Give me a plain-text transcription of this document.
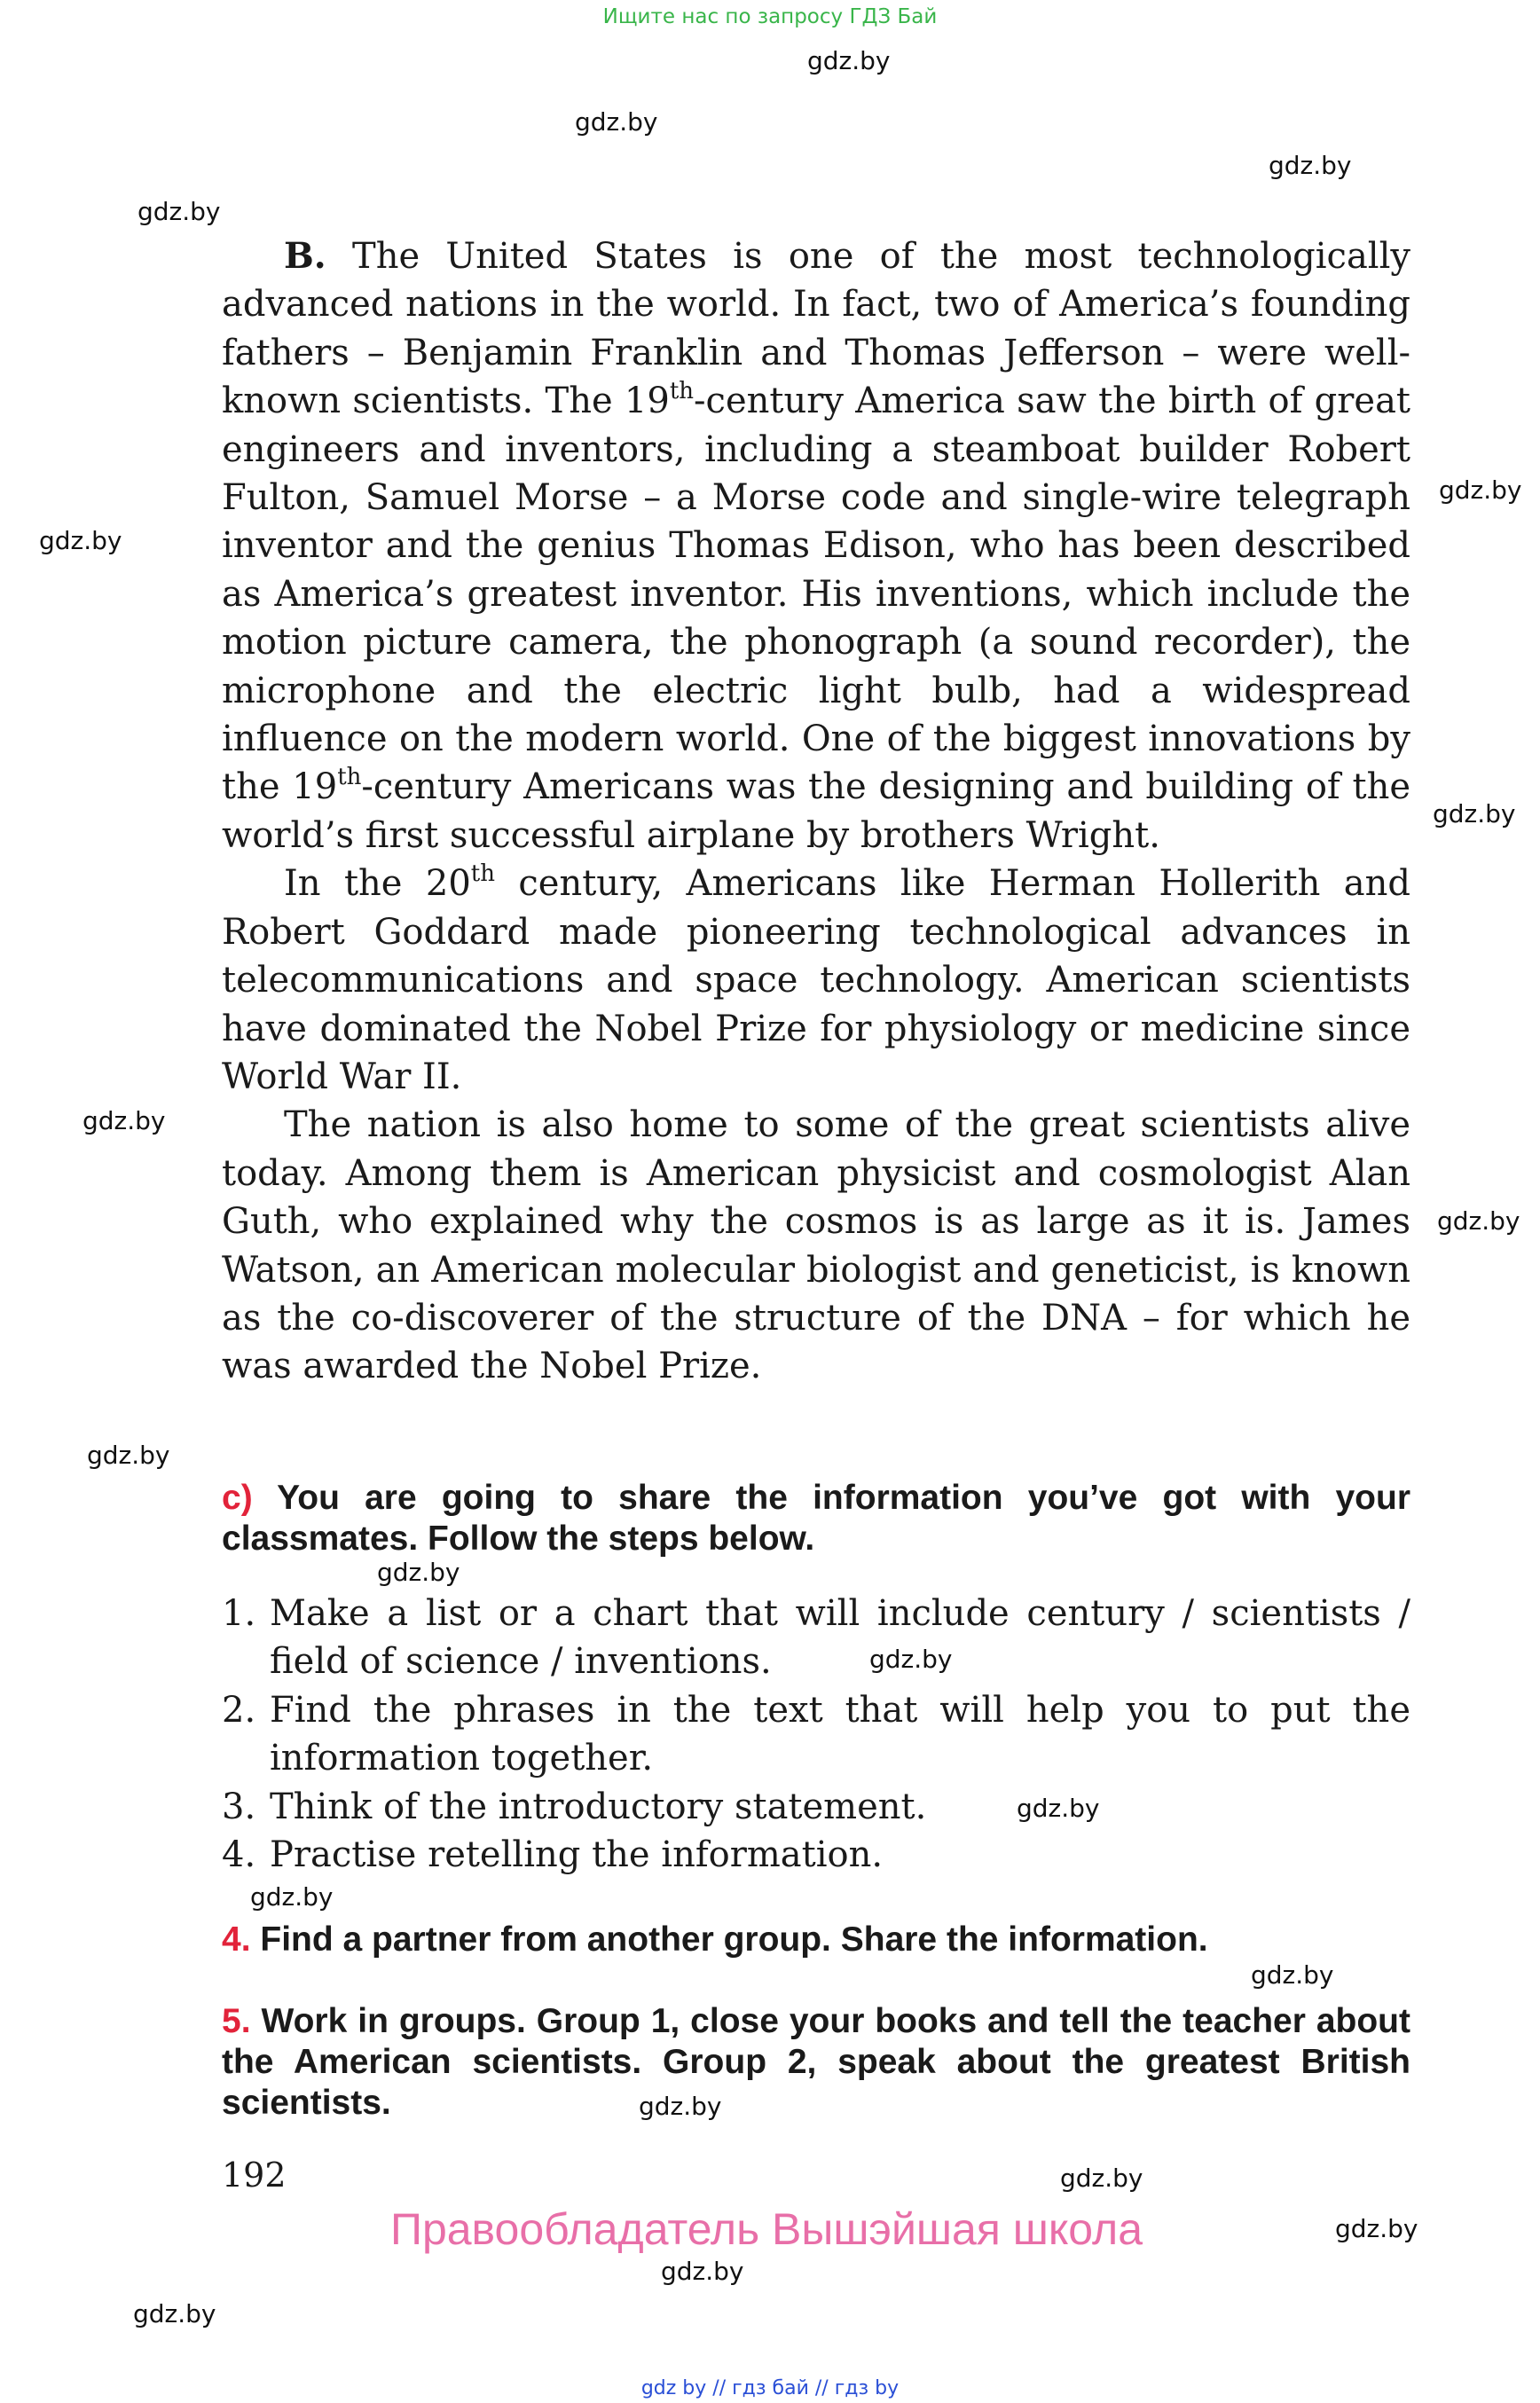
Ищите нас по запросу ГДЗ Бай
gdz.by
gdz.by
gdz.by
gdz.by
gdz.by
gdz.by
gdz.by
gdz.by
gdz.by
gdz.by
gdz.by
gdz.by
gdz.by
gdz.by
gdz.by
gdz.by
gdz.by
gdz.by
gdz.by
gdz.by

B. The United States is one of the most technologically advanced nations in the world. In fact, two of America’s founding fathers – Benjamin Franklin and Thomas Jefferson – were well-known scientists. The 19th-century America saw the birth of great engineers and inventors, including a steamboat builder Robert Fulton, Samuel Morse – a Morse code and single-wire telegraph inventor and the genius Thomas Edison, who has been described as America’s greatest inventor. His inventions, which include the motion picture camera, the phonograph (a sound recorder), the microphone and the electric light bulb, had a widespread influence on the modern world. One of the biggest innovations by the 19th-century Americans was the designing and building of the world’s first successful airplane by brothers Wright.

In the 20th century, Americans like Herman Hollerith and Robert Goddard made pioneering technological advances in telecommunications and space technology. American scientists have dominated the Nobel Prize for physiology or medicine since World War II.

The nation is also home to some of the great scientists alive today. Among them is American physicist and cosmologist Alan Guth, who explained why the cosmos is as large as it is. James Watson, an American molecular biologist and geneticist, is known as the co-discoverer of the structure of the DNA – for which he was awarded the Nobel Prize.

c) You are going to share the information you’ve got with your classmates. Follow the steps below.

1. Make a list or a chart that will include century / scientists / field of science / inventions.
2. Find the phrases in the text that will help you to put the information together.
3. Think of the introductory statement.
4. Practise retelling the information.

4. Find a partner from another group. Share the information.

5. Work in groups. Group 1, close your books and tell the teacher about the American scientists. Group 2, speak about the greatest British scientists.

192
Правообладатель Вышэйшая школа
gdz by // гдз бай // гдз by
